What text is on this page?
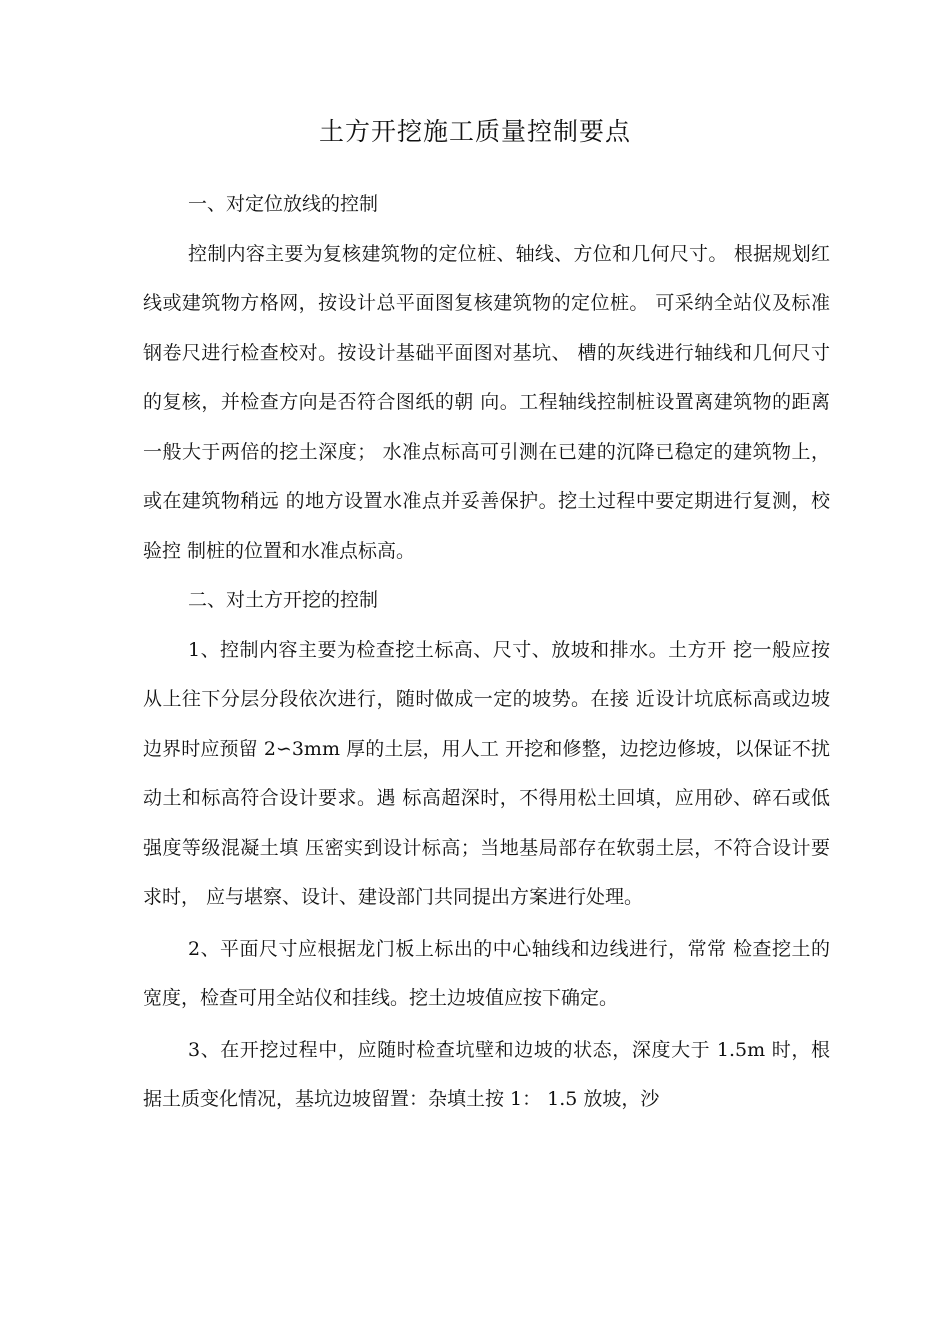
土方开挖施工质量控制要点

一、对定位放线的控制

控制内容主要为复核建筑物的定位桩、轴线、方位和几何尺寸。 根据规划红线或建筑物方格网，按设计总平面图复核建筑物的定位桩。 可采纳全站仪及标准钢卷尺进行检查校对。按设计基础平面图对基坑、 槽的灰线进行轴线和几何尺寸的复核，并检查方向是否符合图纸的朝 向。工程轴线控制桩设置离建筑物的距离一般大于两倍的挖土深度； 水准点标高可引测在已建的沉降已稳定的建筑物上，或在建筑物稍远 的地方设置水准点并妥善保护。挖土过程中要定期进行复测，校验控 制桩的位置和水准点标高。

二、对土方开挖的控制

1、控制内容主要为检查挖土标高、尺寸、放坡和排水。土方开 挖一般应按从上往下分层分段依次进行，随时做成一定的坡势。在接 近设计坑底标高或边坡边界时应预留 2∽3mm 厚的土层，用人工 开挖和修整，边挖边修坡，以保证不扰动土和标高符合设计要求。遇 标高超深时，不得用松土回填，应用砂、碎石或低强度等级混凝土填 压密实到设计标高；当地基局部存在软弱土层，不符合设计要求时， 应与堪察、设计、建设部门共同提出方案进行处理。

2、平面尺寸应根据龙门板上标出的中心轴线和边线进行，常常 检查挖土的宽度，检查可用全站仪和挂线。挖土边坡值应按下确定。

3、在开挖过程中，应随时检查坑壁和边坡的状态，深度大于 1.5m 时，根据土质变化情况，基坑边坡留置：杂填土按 1： 1.5 放坡，沙
